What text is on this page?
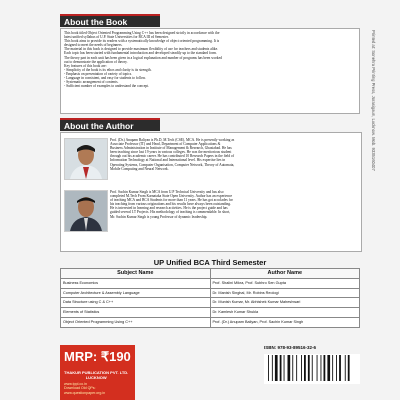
About the Book

This book titled Object Oriented Programming Using C++ has been designed strictly in accordance with the

latest unified syllabus of U.P. State Universities for BCA III rd Semester.

This book aims to provide its readers with a systematically knowledge of object oriented programming. It is

designed to meet the needs of beginners.

The material in this book is designed to provide maximum flexibility of use for teachers and students alike.

Each topic has been started with fundamental introduction and developed steadily up to the standard form.

The theory part in each unit has been given in a logical explanation and number of programs has been worked

out to demonstrate the application of theory.

Key features of this book are:

- Simplicity of the book is its ethos and clarity is its strength.

- Emphasis on presentation of variety of topics.

- Language in consistent, and easy for students to follow.

- Systematic arrangement of contents.

- Sufficient number of examples to understand the concept.

About the Author

Prof. (Dr.) Anupam Baliyan is Ph.D, M.Tech (CSE), MCA. He is presently working as

Associate Professor (IT) and Head, Department of Computer Applications &

Business Administration in Institute of Management & Research, Ghaziabad. He has

been teaching since last 19 years in various colleges. He was the meritorious student

through out his academic career. He has contributed 10 Research Papers in the field of

Information Technology at National and International level. His expertise lies in

Operating Systems, Computer Organisation, Computer Network, Theory of Automata,

Mobile Computing and Neural Network.

Prof. Sachin Kumar Singh is MCA from U.P Technical University and has also

completed M.Tech From Karnataka State Open University. Author has an experience

of teaching MCA and BCA Students for more than 11 years. He has got accolades for

his teaching from various originations and his results have always been outstanding.

He is interested in learning and research activities. He is the project guide and has

guided several I.T Projects. His methodology of teaching is commendable. In short,

Mr. Sachin Kumar Singh is young Professor of dynamic leadership.

Printed at: Sonehra Printing Press, Jorasigaun, Lucknow. Mob. 9335160407
UP Unified BCA Third Semester
Subject Name	Author Name
Business Economics	Prof. Shalini Mikra, Prof. Subhro Sen Gupta
Computer Architecture & Assembly Language	Dr. Manish Singhal, Mr. Robins Reologi
Data Structure using C & C++	Dr. Munish Kumar, Mr. Abhishek Kumar Maheshwari
Elements of Statistics	Dr. Kamlesh Kumar Shukla
Object Oriented Programming Using C++	Prof. (Dr.) Anupam Baliyan, Prof. Sachin Kumar Singh
MRP: ₹190
THAKUR PUBLICATION PVT. LTD.
LUCKNOW
www.tppl.co.in
Download Old QPs: www.questionpaper.org.in
ISBN: 978-93-89516-32-6
